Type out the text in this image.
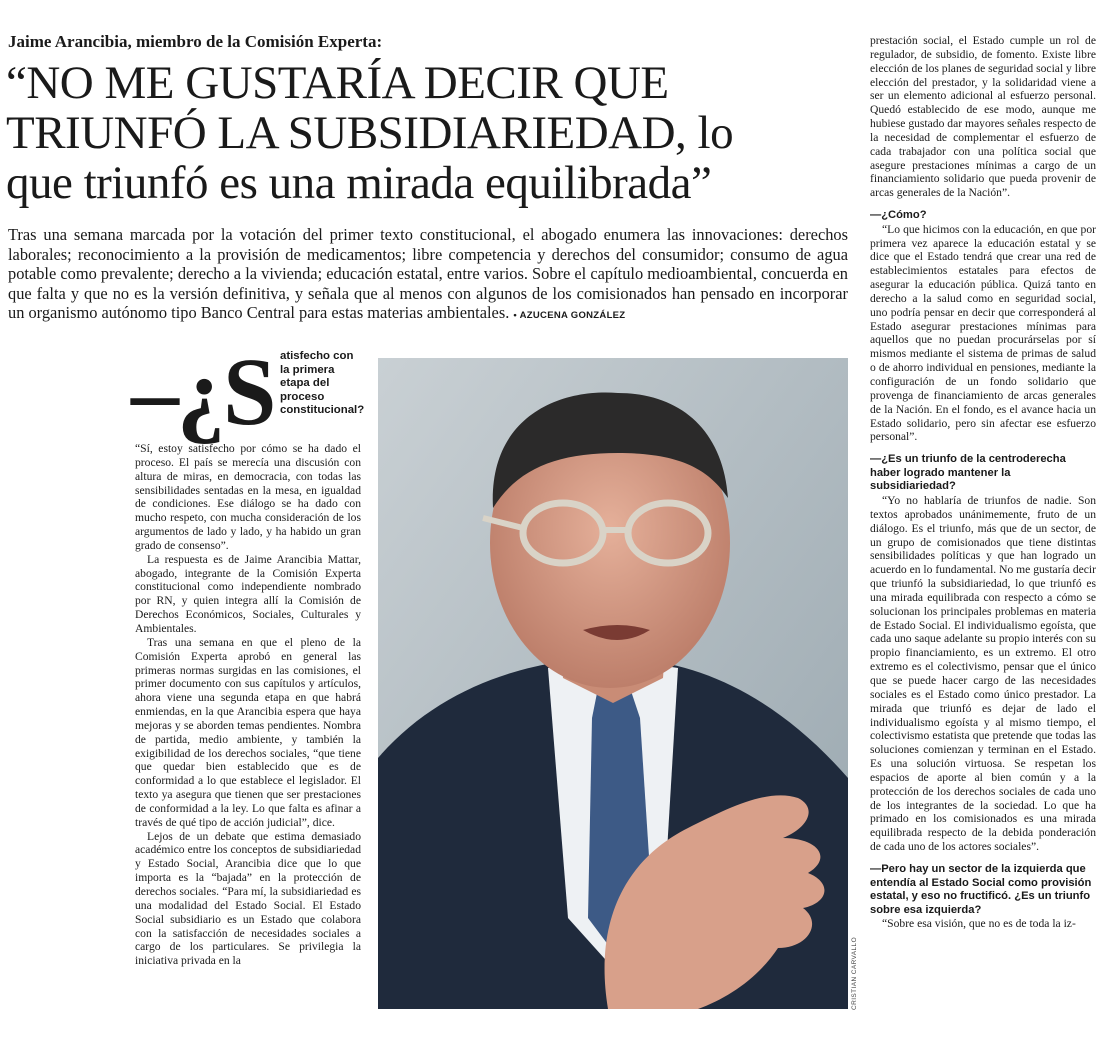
Jaime Arancibia, miembro de la Comisión Experta:
“NO ME GUSTARÍA DECIR QUE
TRIUNFÓ LA SUBSIDIARIEDAD, lo
que triunfó es una mirada equilibrada”
Tras una semana marcada por la votación del primer texto constitucional, el abogado enumera las innovaciones: derechos laborales; reconocimiento a la provisión de medicamentos; libre competencia y derechos del consumidor; consumo de agua potable como prevalente; derecho a la vivienda; educación estatal, entre varios. Sobre el capítulo medioambiental, concuerda en que falta y que no es la versión definitiva, y señala que al menos con algunos de los comisionados han pensado en incorporar un organismo autónomo tipo Banco Central para estas materias ambientales. • AZUCENA GONZÁLEZ
–¿S atisfecho con la primera etapa del proceso constitucional?

“Sí, estoy satisfecho por cómo se ha dado el proceso. El país se merecía una discusión con altura de miras, en democracia, con todas las sensibilidades sentadas en la mesa, en igualdad de condiciones. Ese diálogo se ha dado con mucho respeto, con mucha consideración de los argumentos de lado y lado, y ha habido un gran grado de consenso”.

La respuesta es de Jaime Arancibia Mattar, abogado, integrante de la Comisión Experta constitucional como independiente nombrado por RN, y quien integra allí la Comisión de Derechos Económicos, Sociales, Culturales y Ambientales.

Tras una semana en que el pleno de la Comisión Experta aprobó en general las primeras normas surgidas en las comisiones, el primer documento con sus capítulos y artículos, ahora viene una segunda etapa en que habrá enmiendas, en la que Arancibia espera que haya mejoras y se aborden temas pendientes. Nombra de partida, medio ambiente, y también la exigibilidad de los derechos sociales, “que tiene que quedar bien establecido que es de conformidad a lo que establece el legislador. El texto ya asegura que tienen que ser prestaciones de conformidad a la ley. Lo que falta es afinar a través de qué tipo de acción judicial”, dice.

Lejos de un debate que estima demasiado académico entre los conceptos de subsidiariedad y Estado Social, Arancibia dice que lo que importa es la “bajada” en la protección de derechos sociales. “Para mí, la subsidiariedad es una modalidad del Estado Social. El Estado Social subsidiario es un Estado que colabora con la satisfacción de necesidades sociales a cargo de los particulares. Se privilegia la iniciativa privada en la	CRISTIAN CARVALLO

prestación social, el Estado cumple un rol de regulador, de subsidio, de fomento. Existe libre elección de los planes de seguridad social y libre elección del prestador, y la solidaridad viene a ser un elemento adicional al esfuerzo personal. Quedó establecido de ese modo, aunque me hubiese gustado dar mayores señales respecto de la necesidad de complementar el esfuerzo de cada trabajador con una política social que asegure prestaciones mínimas a cargo de un financiamiento solidario que pueda provenir de arcas generales de la Nación”.

—¿Cómo?

“Lo que hicimos con la educación, en que por primera vez aparece la educación estatal y se dice que el Estado tendrá que crear una red de establecimientos estatales para efectos de asegurar la educación pública. Quizá tanto en derecho a la salud como en seguridad social, uno podría pensar en decir que corresponderá al Estado asegurar prestaciones mínimas para aquellos que no puedan procurárselas por sí mismos mediante el sistema de primas de salud o de ahorro individual en pensiones, mediante la configuración de un fondo solidario que provenga de financiamiento de arcas generales de la Nación. En el fondo, es el avance hacia un Estado solidario, pero sin afectar ese esfuerzo personal”.

—¿Es un triunfo de la centroderecha haber logrado mantener la subsidiariedad?

“Yo no hablaría de triunfos de nadie. Son textos aprobados unánimemente, fruto de un diálogo. Es el triunfo, más que de un sector, de un grupo de comisionados que tiene distintas sensibilidades políticas y que han logrado un acuerdo en lo fundamental. No me gustaría decir que triunfó la subsidiariedad, lo que triunfó es una mirada equilibrada con respecto a cómo se solucionan los principales problemas en materia de Estado Social. El individualismo egoísta, que cada uno saque adelante su propio interés con su propio financiamiento, es un extremo. El otro extremo es el colectivismo, pensar que el único que se puede hacer cargo de las necesidades sociales es el Estado como único prestador. La mirada que triunfó es dejar de lado el individualismo egoísta y al mismo tiempo, el colectivismo estatista que pretende que todas las soluciones comienzan y terminan en el Estado. Es una solución virtuosa. Se respetan los espacios de aporte al bien común y a la protección de los derechos sociales de cada uno de los integrantes de la sociedad. Lo que ha primado en los comisionados es una mirada equilibrada respecto de la debida ponderación de cada uno de los actores sociales”.

—Pero hay un sector de la izquierda que entendía al Estado Social como provisión estatal, y eso no fructificó. ¿Es un triunfo sobre esa izquierda?

“Sobre esa visión, que no es de toda la iz-
